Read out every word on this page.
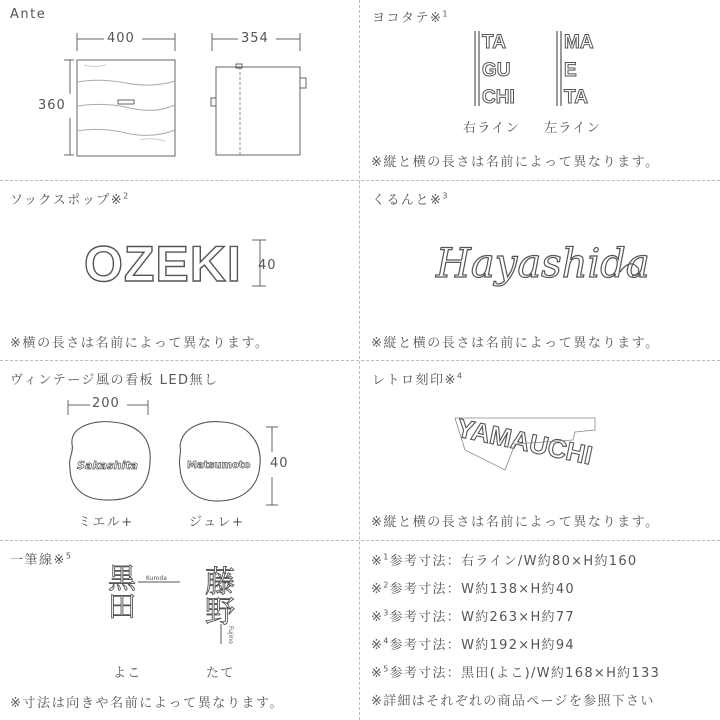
Ante
400	354
360
ヨコタテ※$^1$
TA
GU
CHI
MA
E
TA
右ライン 左ライン
※縦と横の長さは名前によって異なります。
ソックスポップ※$^2$
OZEKI 40
※横の長さは名前によって異なります。
くるんと※$^3$
Hayashida
※縦と横の長さは名前によって異なります。
ヴィンテージ風の看板 LED無し
200
40
Sakashita	Matsumoto
ミエル+	ジュレ+
レトロ刻印※$^4$
YAMAUCHI
※縦と横の長さは名前によって異なります。
一筆線※$^5$
黒
田
Kuroda 藤
野
Fujino
よこ	たて
※寸法は向きや名前によって異なります。
※$^1$参考寸法：右ライン/W約80×H約160
※$^2$参考寸法：W約138×H約40
※$^3$参考寸法：W約263×H約77
※$^4$参考寸法：W約192×H約94
※$^5$参考寸法：黒田(よこ)/W約168×H約133
※詳細はそれぞれの商品ページを参照下さい
